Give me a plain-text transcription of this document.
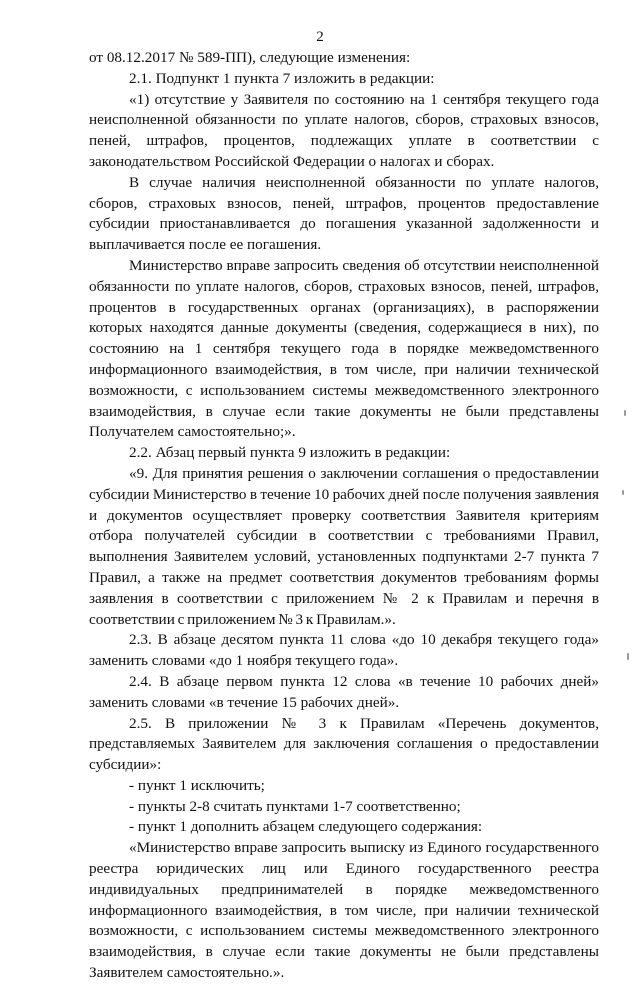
2

от 08.12.2017 № 589-ПП), следующие изменения:

2.1. Подпункт 1 пункта 7 изложить в редакции:

«1) отсутствие у Заявителя по состоянию на 1 сентября текущего года неисполненной обязанности по уплате налогов, сборов, страховых взносов, пеней, штрафов, процентов, подлежащих уплате в соответствии с законодательством Российской Федерации о налогах и сборах.

В случае наличия неисполненной обязанности по уплате налогов, сборов, страховых взносов, пеней, штрафов, процентов предоставление субсидии приостанавливается до погашения указанной задолженности и выплачивается после ее погашения.

Министерство вправе запросить сведения об отсутствии неисполненной обязанности по уплате налогов, сборов, страховых взносов, пеней, штрафов, процентов в государственных органах (организациях), в распоряжении которых находятся данные документы (сведения, содержащиеся в них), по состоянию на 1 сентября текущего года в порядке межведомственного информационного взаимодействия, в том числе, при наличии технической возможности, с использованием системы межведомственного электронного взаимодействия, в случае если такие документы не были представлены Получателем самостоятельно;».

2.2. Абзац первый пункта 9 изложить в редакции:

«9. Для принятия решения о заключении соглашения о предоставлении субсидии Министерство в течение 10 рабочих дней после получения заявления и документов осуществляет проверку соответствия Заявителя критериям отбора получателей субсидии в соответствии с требованиями Правил, выполнения Заявителем условий, установленных подпунктами 2-7 пункта 7 Правил, а также на предмет соответствия документов требованиям формы заявления в соответствии с приложением № 2 к Правилам и перечня в соответствии с приложением № 3 к Правилам.».

2.3. В абзаце десятом пункта 11 слова «до 10 декабря текущего года» заменить словами «до 1 ноября текущего года».

2.4. В абзаце первом пункта 12 слова «в течение 10 рабочих дней» заменить словами «в течение 15 рабочих дней».

2.5. В приложении № 3 к Правилам «Перечень документов, представляемых Заявителем для заключения соглашения о предоставлении субсидии»:

- пункт 1 исключить;

- пункты 2-8 считать пунктами 1-7 соответственно;

- пункт 1 дополнить абзацем следующего содержания:

«Министерство вправе запросить выписку из Единого государственного реестра юридических лиц или Единого государственного реестра индивидуальных предпринимателей в порядке межведомственного информационного взаимодействия, в том числе, при наличии технической возможности, с использованием системы межведомственного электронного взаимодействия, в случае если такие документы не были представлены Заявителем самостоятельно.».
